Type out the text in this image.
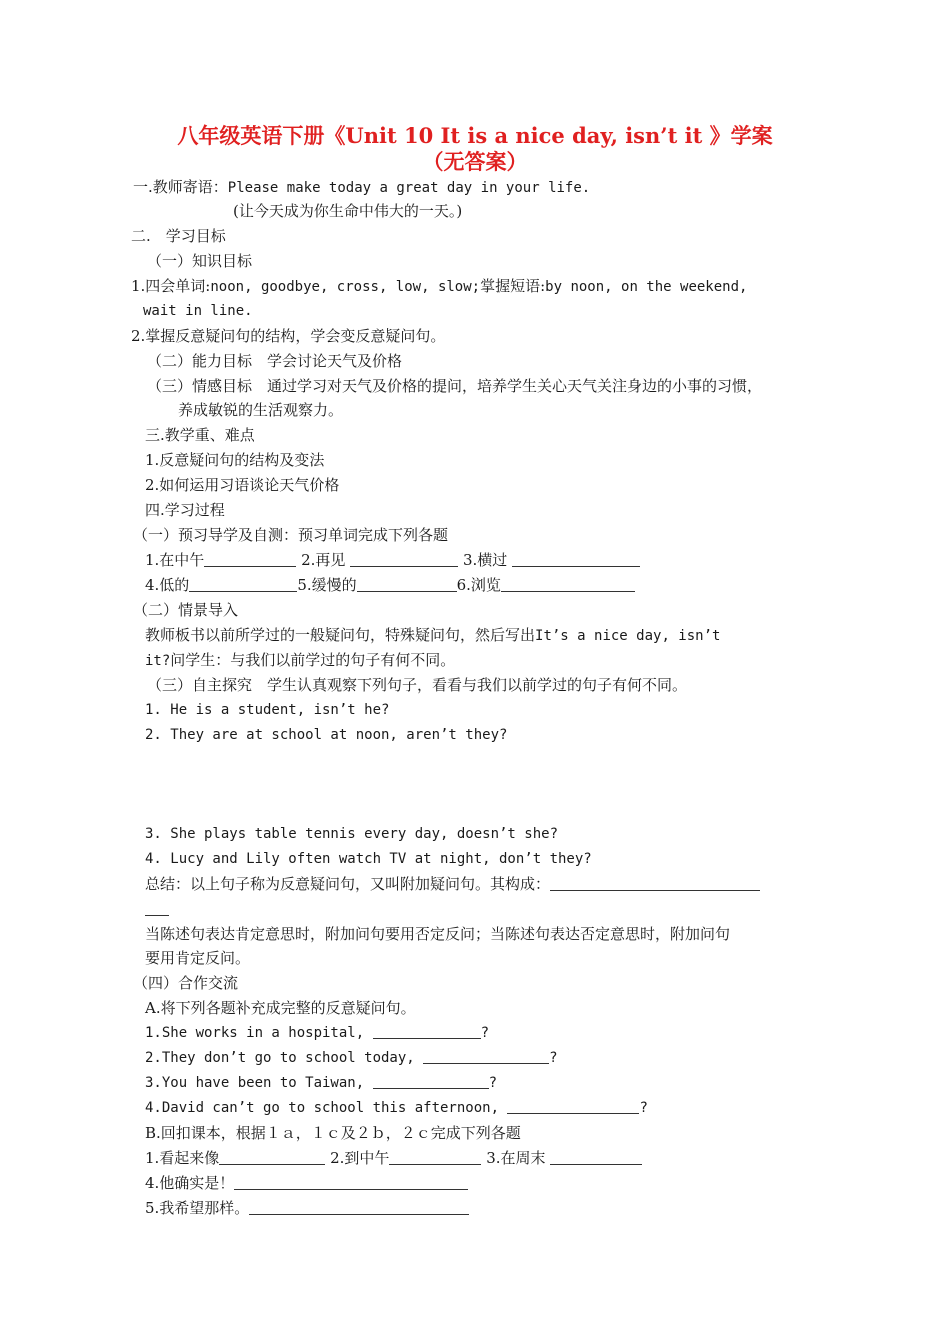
八年级英语下册《Unit 10 It is a nice day, isn’t it 》学案
（无答案）
一.教师寄语：Please make today a great day in your life.
(让今天成为你生命中伟大的一天。)
二.　学习目标
（一）知识目标
1.四会单词:noon, goodbye, cross, low, slow;掌握短语:by noon, on the weekend,
wait in line.
2.掌握反意疑问句的结构，学会变反意疑问句。
（二）能力目标　学会讨论天气及价格
（三）情感目标　通过学习对天气及价格的提问，培养学生关心天气关注身边的小事的习惯，
养成敏锐的生活观察力。
三.教学重、难点
1.反意疑问句的结构及变法
2.如何运用习语谈论天气价格
四.学习过程
（一）预习导学及自测：预习单词完成下列各题
1.在中午	2.再见	3.横过
4.低的	5.缓慢的	6.浏览
（二）情景导入
教师板书以前所学过的一般疑问句，特殊疑问句，然后写出It’s a nice day, isn’t
it?问学生：与我们以前学过的句子有何不同。
（三）自主探究　学生认真观察下列句子，看看与我们以前学过的句子有何不同。
1. He is a student, isn’t he?
2. They are at school at noon, aren’t they?
3. She plays table tennis every day, doesn’t she?
4. Lucy and Lily often watch TV at night, don’t they?
总结：以上句子称为反意疑问句，又叫附加疑问句。其构成：
当陈述句表达肯定意思时，附加问句要用否定反问；当陈述句表达否定意思时，附加问句
要用肯定反问。
（四）合作交流
A.将下列各题补充成完整的反意疑问句。
1.She works in a hospital,	?
2.They don’t go to school today,	?
3.You have been to Taiwan,	?
4.David can’t go to school this afternoon,	?
B.回扣课本，根据１ａ，１ｃ及２ｂ，２ｃ完成下列各题
1.看起来像	2.到中午	3.在周末
4.他确实是！
5.我希望那样。
